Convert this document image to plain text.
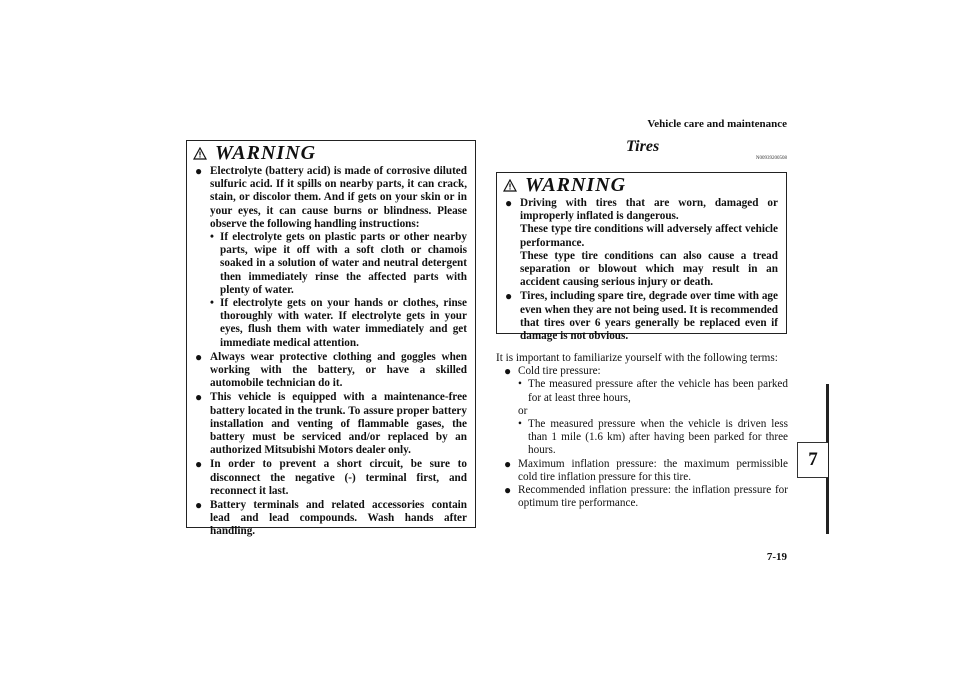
Vehicle care and maintenance
7-19
7
WARNING
● Electrolyte (battery acid) is made of corrosive diluted sulfuric acid. If it spills on nearby parts, it can crack, stain, or discolor them. And if gets on your skin or in your eyes, it can cause burns or blindness. Please observe the following handling instructions:
• If electrolyte gets on plastic parts or other nearby parts, wipe it off with a soft cloth or chamois soaked in a solution of water and neutral detergent then immediately rinse the affected parts with plenty of water.
• If electrolyte gets on your hands or clothes, rinse thoroughly with water. If electrolyte gets in your eyes, flush them with water immediately and get immediate medical attention.
● Always wear protective clothing and goggles when working with the battery, or have a skilled automobile technician do it.
● This vehicle is equipped with a maintenance-free battery located in the trunk. To assure proper battery installation and venting of flammable gases, the battery must be serviced and/or replaced by an authorized Mitsubishi Motors dealer only.
● In order to prevent a short circuit, be sure to disconnect the negative (-) terminal first, and reconnect it last.
● Battery terminals and related accessories contain lead and lead compounds. Wash hands after handling.
Tires
N00939200508
WARNING
● Driving with tires that are worn, damaged or improperly inflated is dangerous.
These type tire conditions will adversely affect vehicle performance.
These type tire conditions can also cause a tread separation or blowout which may result in an accident causing serious injury or death.
● Tires, including spare tire, degrade over time with age even when they are not being used. It is recommended that tires over 6 years generally be replaced even if damage is not obvious.
It is important to familiarize yourself with the following terms:
● Cold tire pressure:
• The measured pressure after the vehicle has been parked for at least three hours,
or
• The measured pressure when the vehicle is driven less than 1 mile (1.6 km) after having been parked for three hours.
● Maximum inflation pressure: the maximum permissible cold tire inflation pressure for this tire.
● Recommended inflation pressure: the inflation pressure for optimum tire performance.
